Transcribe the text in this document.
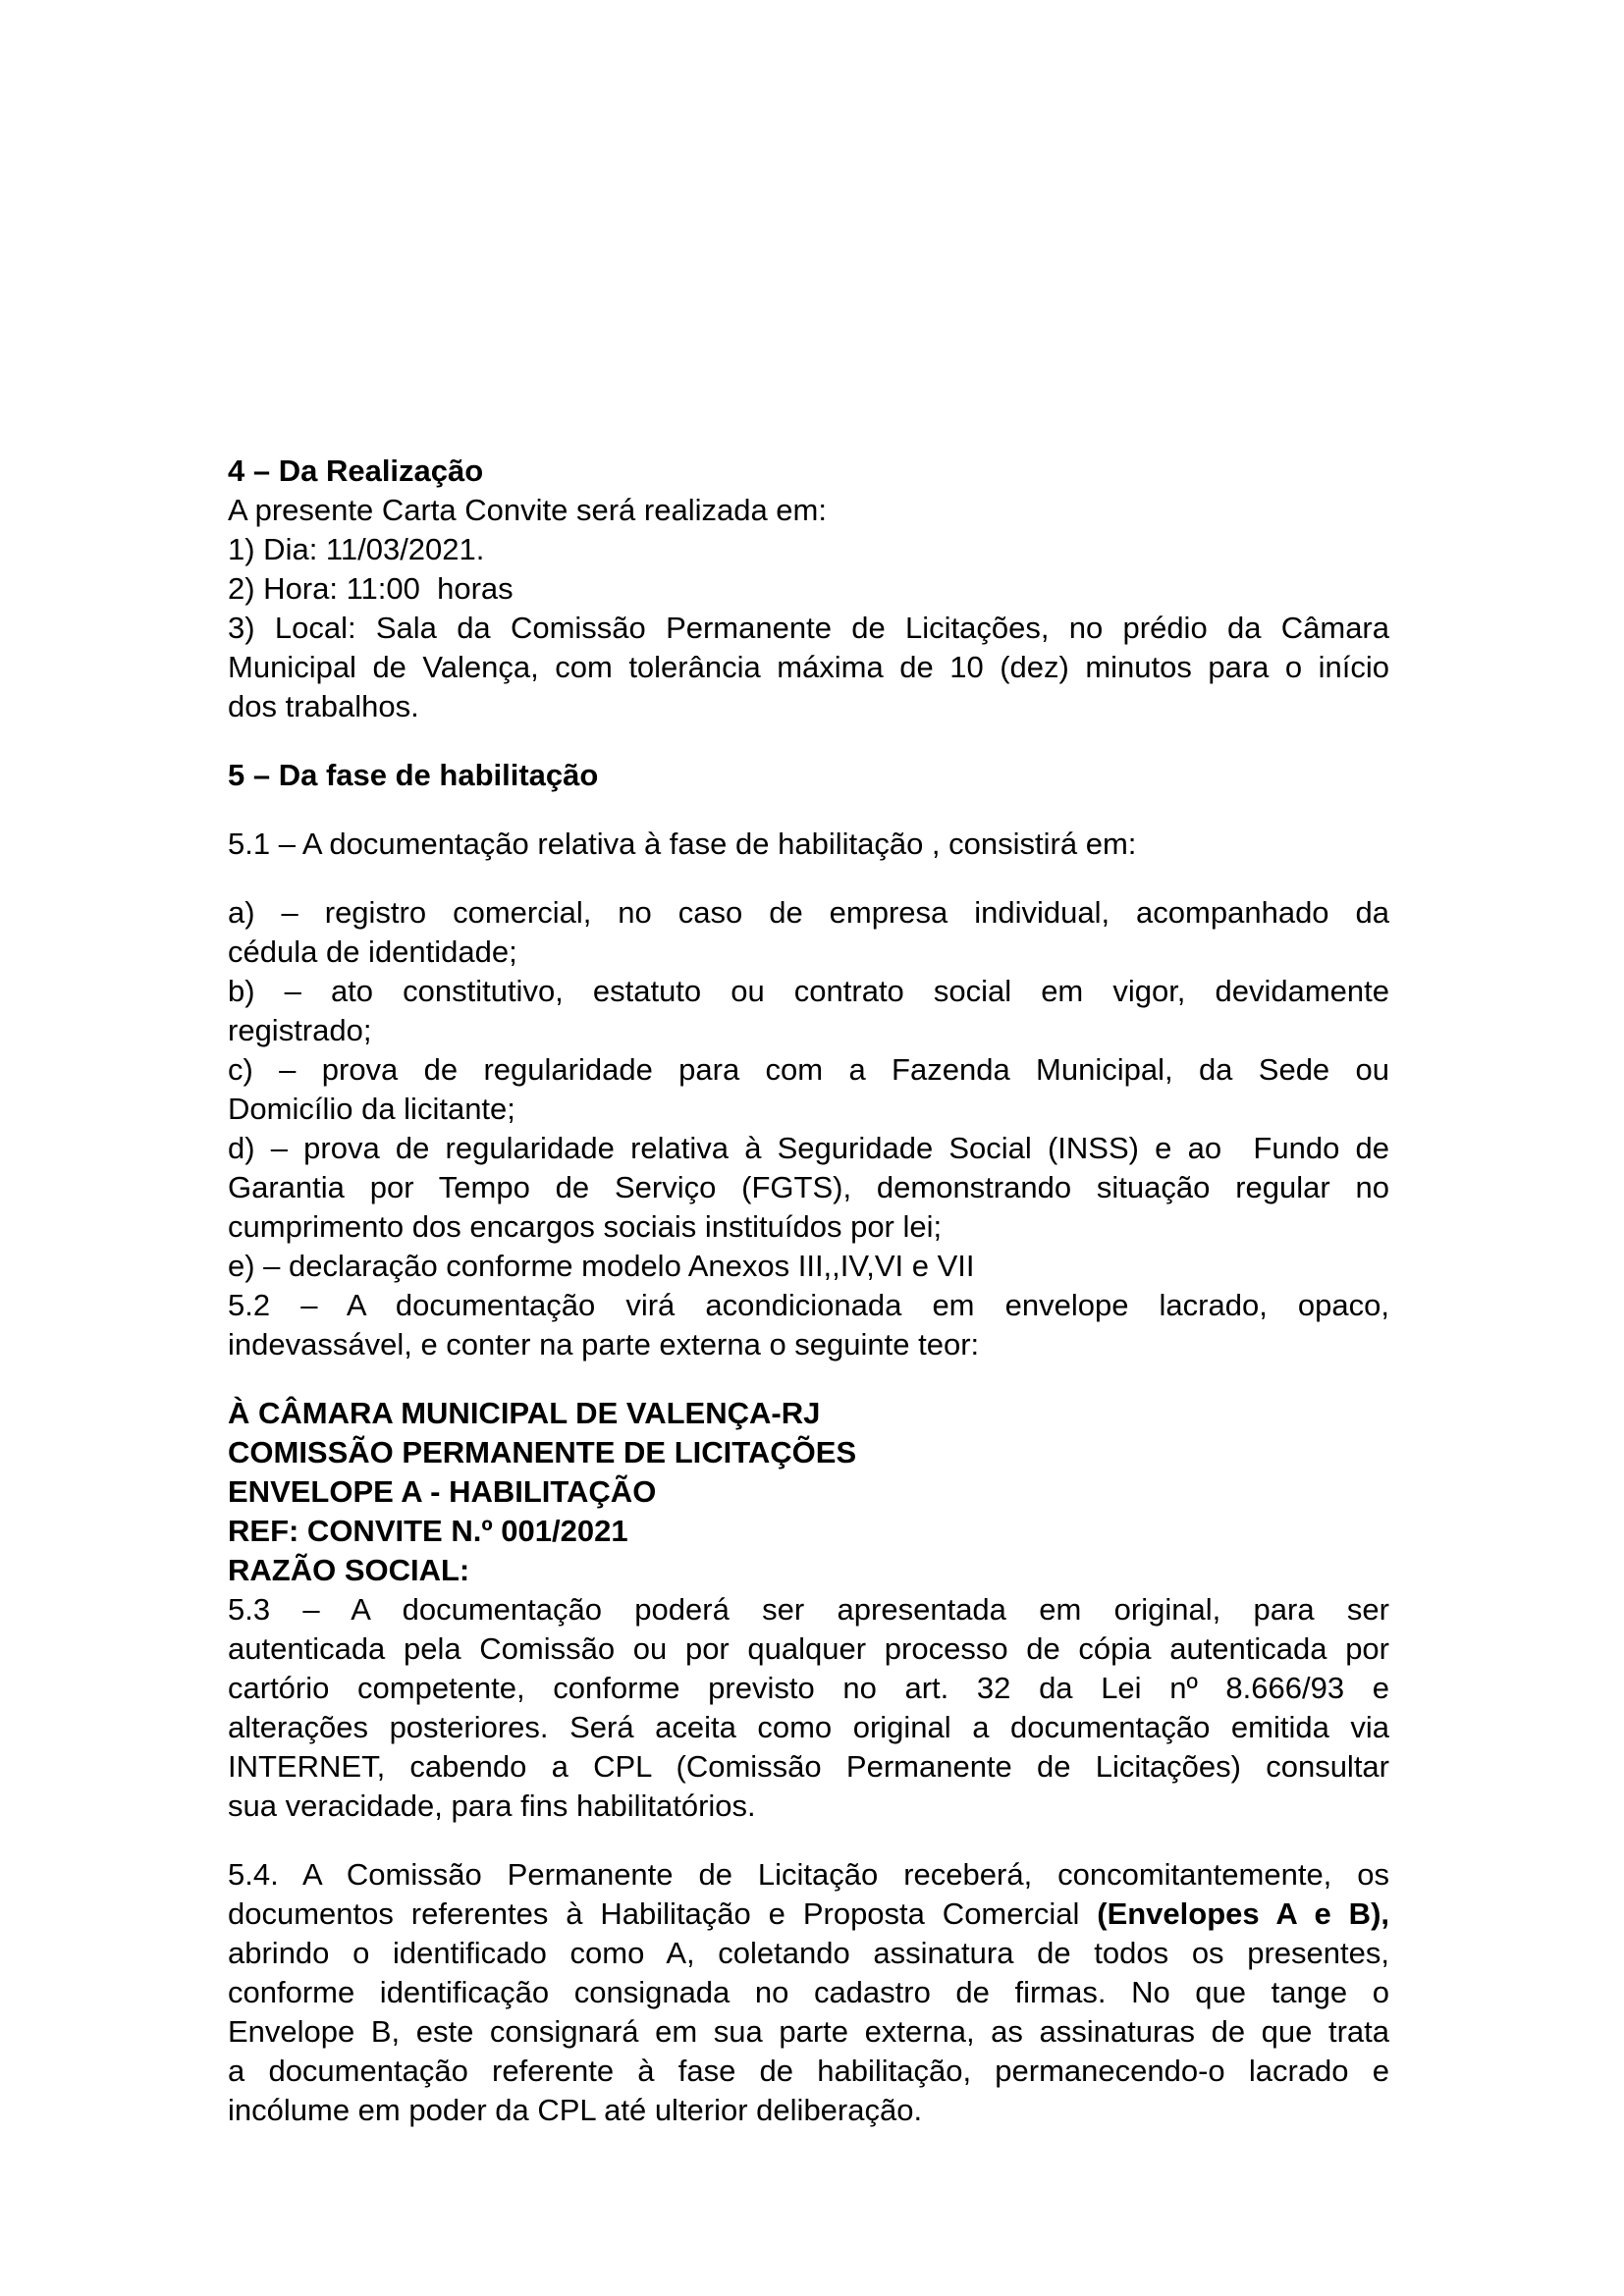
4 – Da Realização
A presente Carta Convite será realizada em:
1) Dia: 11/03/2021.
2) Hora: 11:00  horas
3) Local: Sala da Comissão Permanente de Licitações, no prédio da Câmara
Municipal de Valença, com tolerância máxima de 10 (dez) minutos para o início
dos trabalhos.
5 – Da fase de habilitação
5.1 – A documentação relativa à fase de habilitação , consistirá em:
a) – registro comercial, no caso de empresa individual, acompanhado da
cédula de identidade;
b) – ato constitutivo, estatuto ou contrato social em vigor, devidamente
registrado;
c) – prova de regularidade para com a Fazenda Municipal, da Sede ou
Domicílio da licitante;
d) – prova de regularidade relativa à Seguridade Social (INSS) e ao  Fundo de
Garantia por Tempo de Serviço (FGTS), demonstrando situação regular no
cumprimento dos encargos sociais instituídos por lei;
e) – declaração conforme modelo Anexos III,,IV,VI e VII
5.2 – A documentação virá acondicionada em envelope lacrado, opaco,
indevassável, e conter na parte externa o seguinte teor:
À CÂMARA MUNICIPAL DE VALENÇA-RJ
COMISSÃO PERMANENTE DE LICITAÇÕES
ENVELOPE A - HABILITAÇÃO
REF: CONVITE N.º 001/2021
RAZÃO SOCIAL:
5.3 – A documentação poderá ser apresentada em original, para ser
autenticada pela Comissão ou por qualquer processo de cópia autenticada por
cartório competente, conforme previsto no art. 32 da Lei nº 8.666/93 e
alterações posteriores. Será aceita como original a documentação emitida via
INTERNET, cabendo a CPL (Comissão Permanente de Licitações) consultar
sua veracidade, para fins habilitatórios.
5.4. A Comissão Permanente de Licitação receberá, concomitantemente, os
documentos referentes à Habilitação e Proposta Comercial (Envelopes A e B),
abrindo o identificado como A, coletando assinatura de todos os presentes,
conforme identificação consignada no cadastro de firmas. No que tange o
Envelope B, este consignará em sua parte externa, as assinaturas de que trata
a documentação referente à fase de habilitação, permanecendo-o lacrado e
incólume em poder da CPL até ulterior deliberação.
